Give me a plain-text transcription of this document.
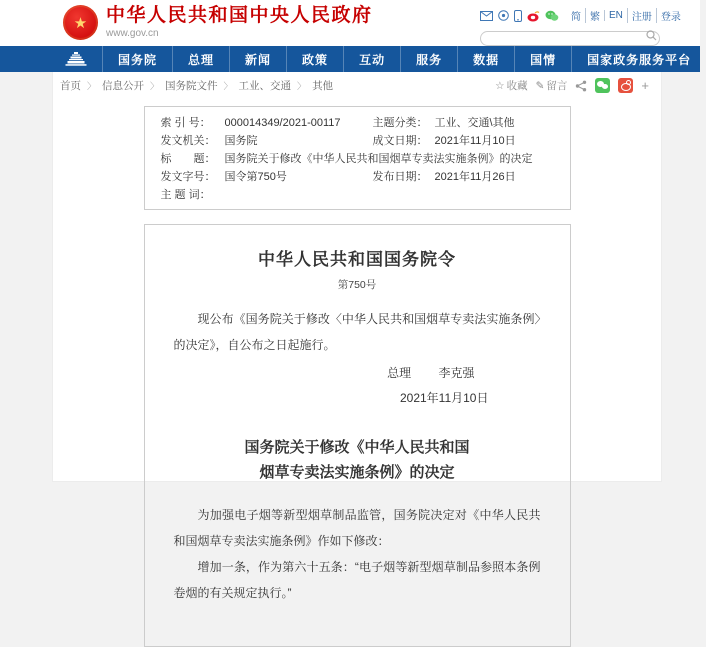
★ 中华人民共和国中央人民政府
www.gov.cn
简 繁 EN 注册 登录
国务院	总理	新闻	政策	互动	服务	数据	国情	国家政务服务平台
首页 〉 信息公开 〉 国务院文件 〉 工业、交通 〉 其他	☆ 收藏 ✎ 留言	+
索 引 号：	000014349/2021-00117	主题分类： 工业、交通\其他
发文机关： 国务院	成文日期： 2021年11月10日
标　　题： 国务院关于修改《中华人民共和国烟草专卖法实施条例》的决定
发文字号： 国令第750号	发布日期： 2021年11月26日
主 题 词：
中华人民共和国国务院令
第750号

现公布《国务院关于修改〈中华人民共和国烟草专卖法实施条例〉的决定》，自公布之日起施行。

总理 李克强
2021年11月10日
国务院关于修改《中华人民共和国
烟草专卖法实施条例》的决定

为加强电子烟等新型烟草制品监管，国务院决定对《中华人民共和国烟草专卖法实施条例》作如下修改：

增加一条，作为第六十五条：“电子烟等新型烟草制品参照本条例卷烟的有关规定执行。”
